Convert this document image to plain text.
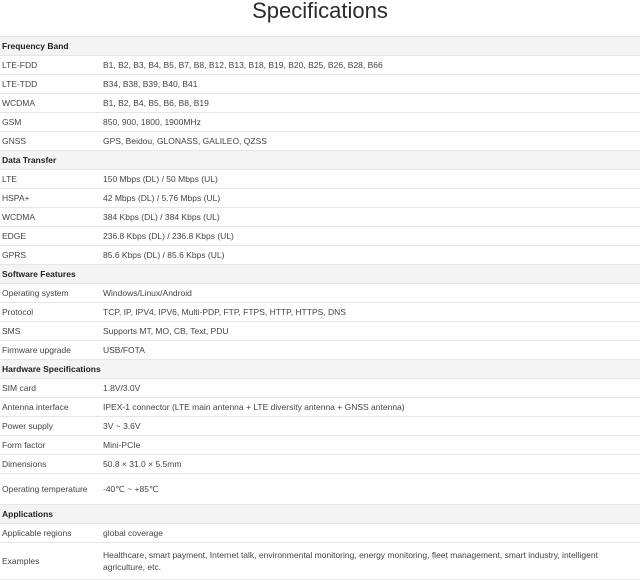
Specifications
Frequency Band	
LTE-FDD	B1, B2, B3, B4, B5, B7, B8, B12, B13, B18, B19, B20, B25, B26, B28, B66
LTE-TDD	B34, B38, B39, B40, B41
WCDMA	B1, B2, B4, B5, B6, B8, B19
GSM	850, 900, 1800, 1900MHz
GNSS	GPS, Beidou, GLONASS, GALILEO, QZSS
Data Transfer	
LTE	150 Mbps (DL) / 50 Mbps (UL)
HSPA+	42 Mbps (DL) / 5.76 Mbps (UL)
WCDMA	384 Kbps (DL) / 384 Kbps (UL)
EDGE	236.8 Kbps (DL) / 236.8 Kbps (UL)
GPRS	85.6 Kbps (DL) / 85.6 Kbps (UL)
Software Features	
Operating system	Windows/Linux/Android
Protocol	TCP, IP, IPV4, IPV6, Multi-PDP, FTP, FTPS, HTTP, HTTPS, DNS
SMS	Supports MT, MO, CB, Text, PDU
Firmware upgrade	USB/FOTA
Hardware Specifications	
SIM card	1.8V/3.0V
Antenna interface	IPEX-1 connector (LTE main antenna + LTE diversity antenna + GNSS antenna)
Power supply	3V ~ 3.6V
Form factor	Mini-PCIe
Dimensions	50.8 × 31.0 × 5.5mm
Operating temperature	-40℃ ~ +85℃
Applications	
Applicable regions	global coverage
Examples	Healthcare, smart payment, Internet talk, environmental monitoring, energy monitoring, fleet management, smart industry, intelligent agriculture, etc.
